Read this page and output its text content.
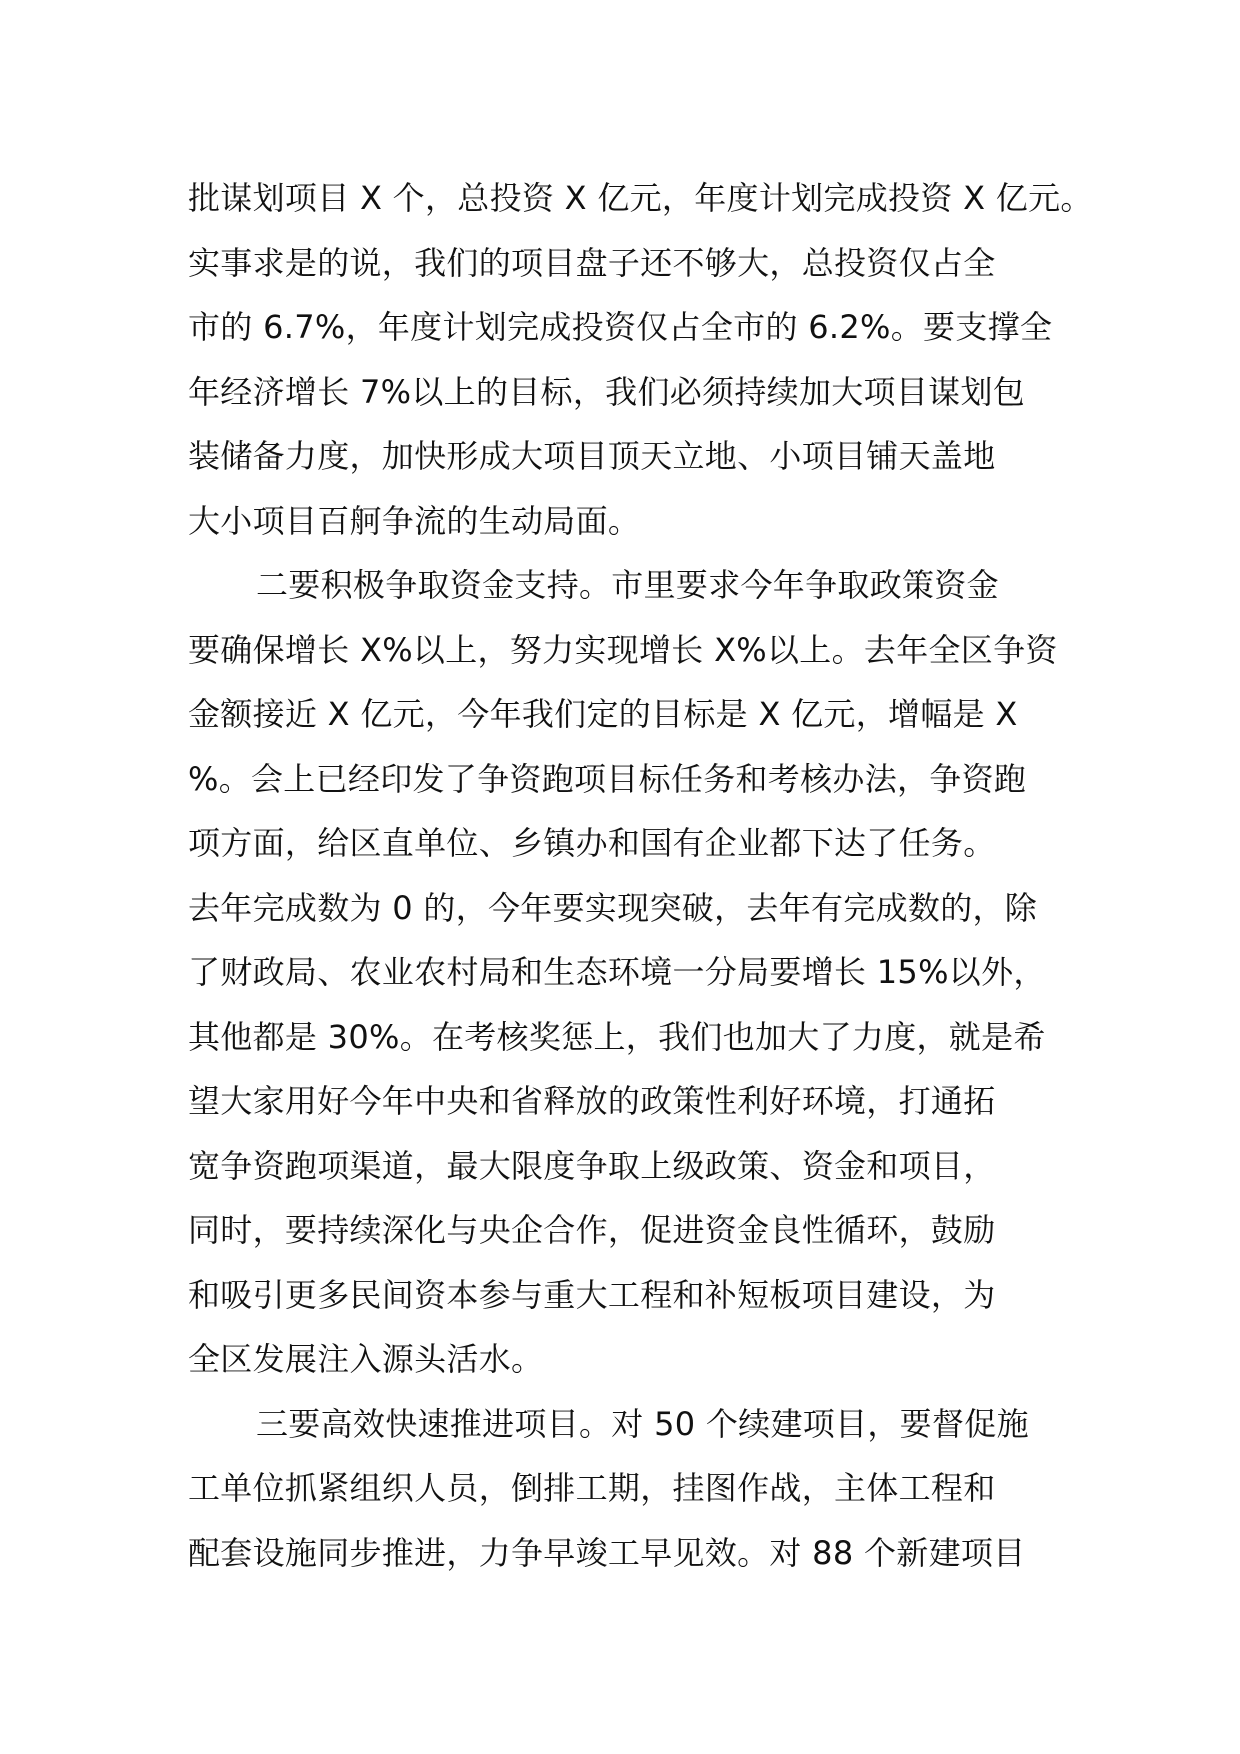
批谋划项目 X 个，总投资 X 亿元，年度计划完成投资 X 亿元。
实事求是的说，我们的项目盘子还不够大，总投资仅占全
市的 6.7%，年度计划完成投资仅占全市的 6.2%。要支撑全
年经济增长 7%以上的目标，我们必须持续加大项目谋划包
装储备力度，加快形成大项目顶天立地、小项目铺天盖地
大小项目百舸争流的生动局面。
二要积极争取资金支持。市里要求今年争取政策资金
要确保增长 X%以上，努力实现增长 X%以上。去年全区争资
金额接近 X 亿元，今年我们定的目标是 X 亿元，增幅是 X
%。会上已经印发了争资跑项目标任务和考核办法，争资跑
项方面，给区直单位、乡镇办和国有企业都下达了任务。
去年完成数为 0 的，今年要实现突破，去年有完成数的，除
了财政局、农业农村局和生态环境一分局要增长 15%以外，
其他都是 30%。在考核奖惩上，我们也加大了力度，就是希
望大家用好今年中央和省释放的政策性利好环境，打通拓
宽争资跑项渠道，最大限度争取上级政策、资金和项目，
同时，要持续深化与央企合作，促进资金良性循环，鼓励
和吸引更多民间资本参与重大工程和补短板项目建设，为
全区发展注入源头活水。
三要高效快速推进项目。对 50 个续建项目，要督促施
工单位抓紧组织人员，倒排工期，挂图作战，主体工程和
配套设施同步推进，力争早竣工早见效。对 88 个新建项目
